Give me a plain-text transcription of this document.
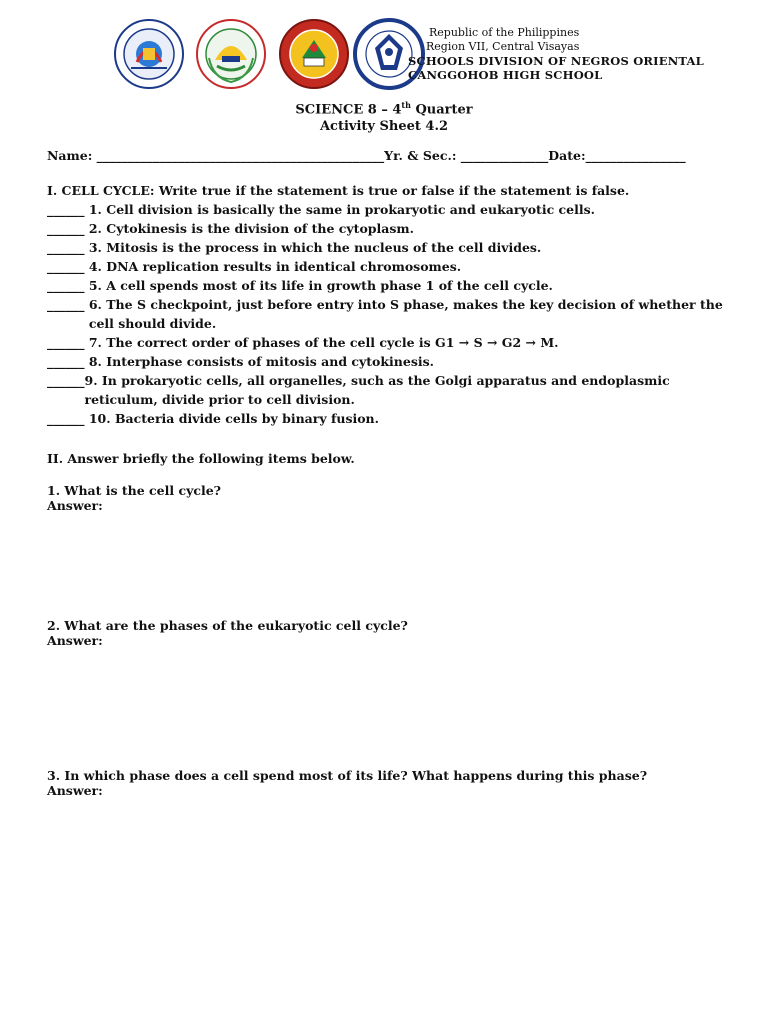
Republic of the Philippines
Region VII, Central Visayas
SCHOOLS DIVISION OF NEGROS ORIENTAL
CANGGOHOB HIGH SCHOOL
SCIENCE 8 – 4th Quarter
Activity Sheet 4.2
Name: ______________________________________________Yr. & Sec.: ______________Date:________________
I. CELL CYCLE: Write true if the statement is true or false if the statement is false.
______ 1. Cell division is basically the same in prokaryotic and eukaryotic cells.
______ 2. Cytokinesis is the division of the cytoplasm.
______ 3. Mitosis is the process in which the nucleus of the cell divides.
______ 4. DNA replication results in identical chromosomes.
______ 5. A cell spends most of its life in growth phase 1 of the cell cycle.
______ 6. The S checkpoint, just before entry into S phase, makes the key decision of whether the cell should divide.
______ 7. The correct order of phases of the cell cycle is G1 → S → G2 → M.
______ 8. Interphase consists of mitosis and cytokinesis.
______ 9. In prokaryotic cells, all organelles, such as the Golgi apparatus and endoplasmic reticulum, divide prior to cell division.
______ 10. Bacteria divide cells by binary fusion.
II. Answer briefly the following items below.
1. What is the cell cycle?
Answer:
2. What are the phases of the eukaryotic cell cycle?
Answer:
3. In which phase does a cell spend most of its life? What happens during this phase?
Answer:
